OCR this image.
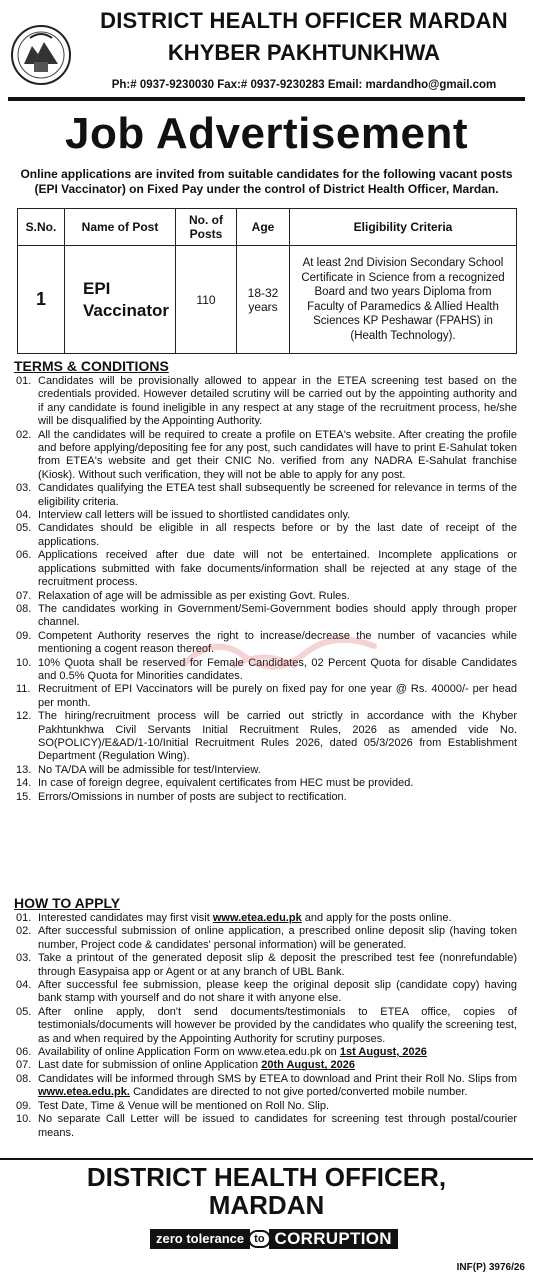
DISTRICT HEALTH OFFICER MARDAN
KHYBER PAKHTUNKHWA
Ph:# 0937-9230030 Fax:# 0937-9230283 Email: mardandho@gmail.com
Job Advertisement
Online applications are invited from suitable candidates for the following vacant posts (EPI Vaccinator) on Fixed Pay under the control of District Health Officer, Mardan.
S.No.	Name of Post	No. of Posts	Age	Eligibility Criteria
1	EPI Vaccinator	110	18-32 years	At least 2nd Division Secondary School Certificate in Science from a recognized Board and two years Diploma from Faculty of Paramedics & Allied Health Sciences KP Peshawar (FPAHS) in (Health Technology).
TERMS & CONDITIONS
01. Candidates will be provisionally allowed to appear in the ETEA screening test based on the credentials provided. However detailed scrutiny will be carried out by the appointing authority and if any candidate is found ineligible in any respect at any stage of the recruitment process, he/she will be disqualified by the Appointing Authority.
02. All the candidates will be required to create a profile on ETEA's website. After creating the profile and before applying/depositing fee for any post, such candidates will have to print E-Sahulat token from ETEA's website and get their CNIC No. verified from any NADRA E-Sahulat franchise (Kiosk). Without such verification, they will not be able to apply for any post.
03. Candidates qualifying the ETEA test shall subsequently be screened for relevance in terms of the eligibility criteria.
04. Interview call letters will be issued to shortlisted candidates only.
05. Candidates should be eligible in all respects before or by the last date of receipt of the applications.
06. Applications received after due date will not be entertained. Incomplete applications or applications submitted with fake documents/information shall be rejected at any stage of the recruitment process.
07. Relaxation of age will be admissible as per existing Govt. Rules.
08. The candidates working in Government/Semi-Government bodies should apply through proper channel.
09. Competent Authority reserves the right to increase/decrease the number of vacancies while mentioning a cogent reason thereof.
10. 10% Quota shall be reserved for Female Candidates, 02 Percent Quota for disable Candidates and 0.5% Quota for Minorities candidates.
11. Recruitment of EPI Vaccinators will be purely on fixed pay for one year @ Rs. 40000/- per head per month.
12. The hiring/recruitment process will be carried out strictly in accordance with the Khyber Pakhtunkhwa Civil Servants Initial Recruitment Rules, 2026 as amended vide No. SO(POLICY)/E&AD/1-10/Initial Recruitment Rules 2026, dated 05/3/2026 from Establishment Department (Regulation Wing).
13. No TA/DA will be admissible for test/Interview.
14. In case of foreign degree, equivalent certificates from HEC must be provided.
15. Errors/Omissions in number of posts are subject to rectification.
HOW TO APPLY
01. Interested candidates may first visit www.etea.edu.pk and apply for the posts online.
02. After successful submission of online application, a prescribed online deposit slip (having token number, Project code & candidates' personal information) will be generated.
03. Take a printout of the generated deposit slip & deposit the prescribed test fee (nonrefundable) through Easypaisa app or Agent or at any branch of UBL Bank.
04. After successful fee submission, please keep the original deposit slip (candidate copy) having bank stamp with yourself and do not share it with anyone else.
05. After online apply, don't send documents/testimonials to ETEA office, copies of testimonials/documents will however be provided by the candidates who qualify the screening test, as and when required by the Appointing Authority for scrutiny purposes.
06. Availability of online Application Form on www.etea.edu.pk on 1st August, 2026
07. Last date for submission of online Application 20th August, 2026
08. Candidates will be informed through SMS by ETEA to download and Print their Roll No. Slips from www.etea.edu.pk. Candidates are directed to not give ported/converted mobile number.
09. Test Date, Time & Venue will be mentioned on Roll No. Slip.
10. No separate Call Letter will be issued to candidates for screening test through postal/courier means.
DISTRICT HEALTH OFFICER,
MARDAN
zero tolerance to CORRUPTION
INF(P) 3976/26
